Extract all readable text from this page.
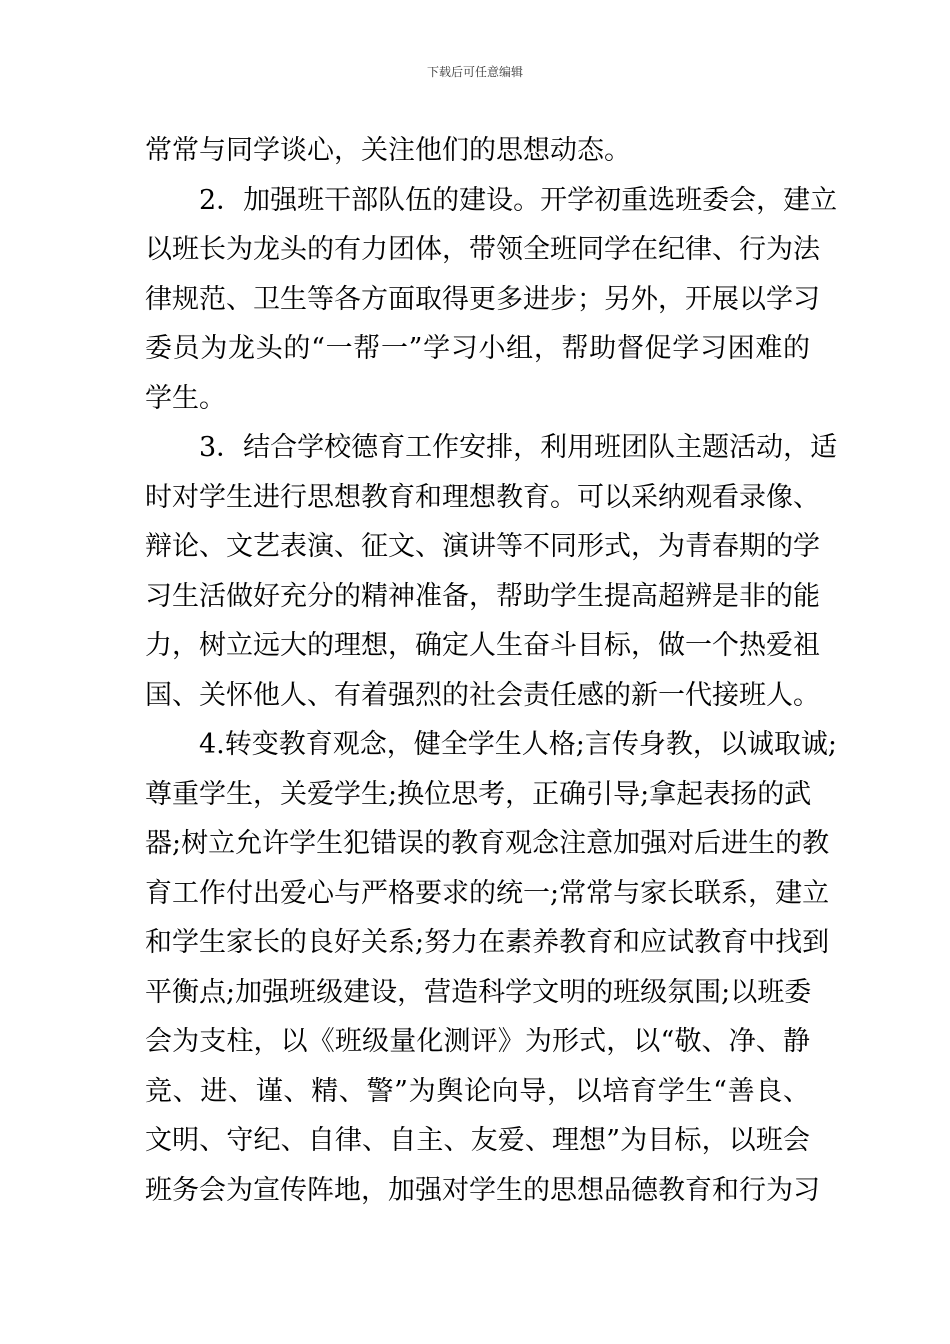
下载后可任意编辑
常常与同学谈心，关注他们的思想动态。
2．加强班干部队伍的建设。开学初重选班委会，建立
以班长为龙头的有力团体，带领全班同学在纪律、行为法
律规范、卫生等各方面取得更多进步；另外，开展以学习
委员为龙头的“一帮一”学习小组，帮助督促学习困难的
学生。
3．结合学校德育工作安排，利用班团队主题活动，适
时对学生进行思想教育和理想教育。可以采纳观看录像、
辩论、文艺表演、征文、演讲等不同形式，为青春期的学
习生活做好充分的精神准备，帮助学生提高超辨是非的能
力，树立远大的理想，确定人生奋斗目标，做一个热爱祖
国、关怀他人、有着强烈的社会责任感的新一代接班人。
4.转变教育观念，健全学生人格;言传身教，以诚取诚;
尊重学生，关爱学生;换位思考，正确引导;拿起表扬的武
器;树立允许学生犯错误的教育观念注意加强对后进生的教
育工作付出爱心与严格要求的统一;常常与家长联系，建立
和学生家长的良好关系;努力在素养教育和应试教育中找到
平衡点;加强班级建设，营造科学文明的班级氛围;以班委
会为支柱，以《班级量化测评》为形式，以“敬、净、静
竞、进、谨、精、警”为舆论向导，以培育学生“善良、
文明、守纪、自律、自主、友爱、理想”为目标，以班会
班务会为宣传阵地，加强对学生的思想品德教育和行为习
